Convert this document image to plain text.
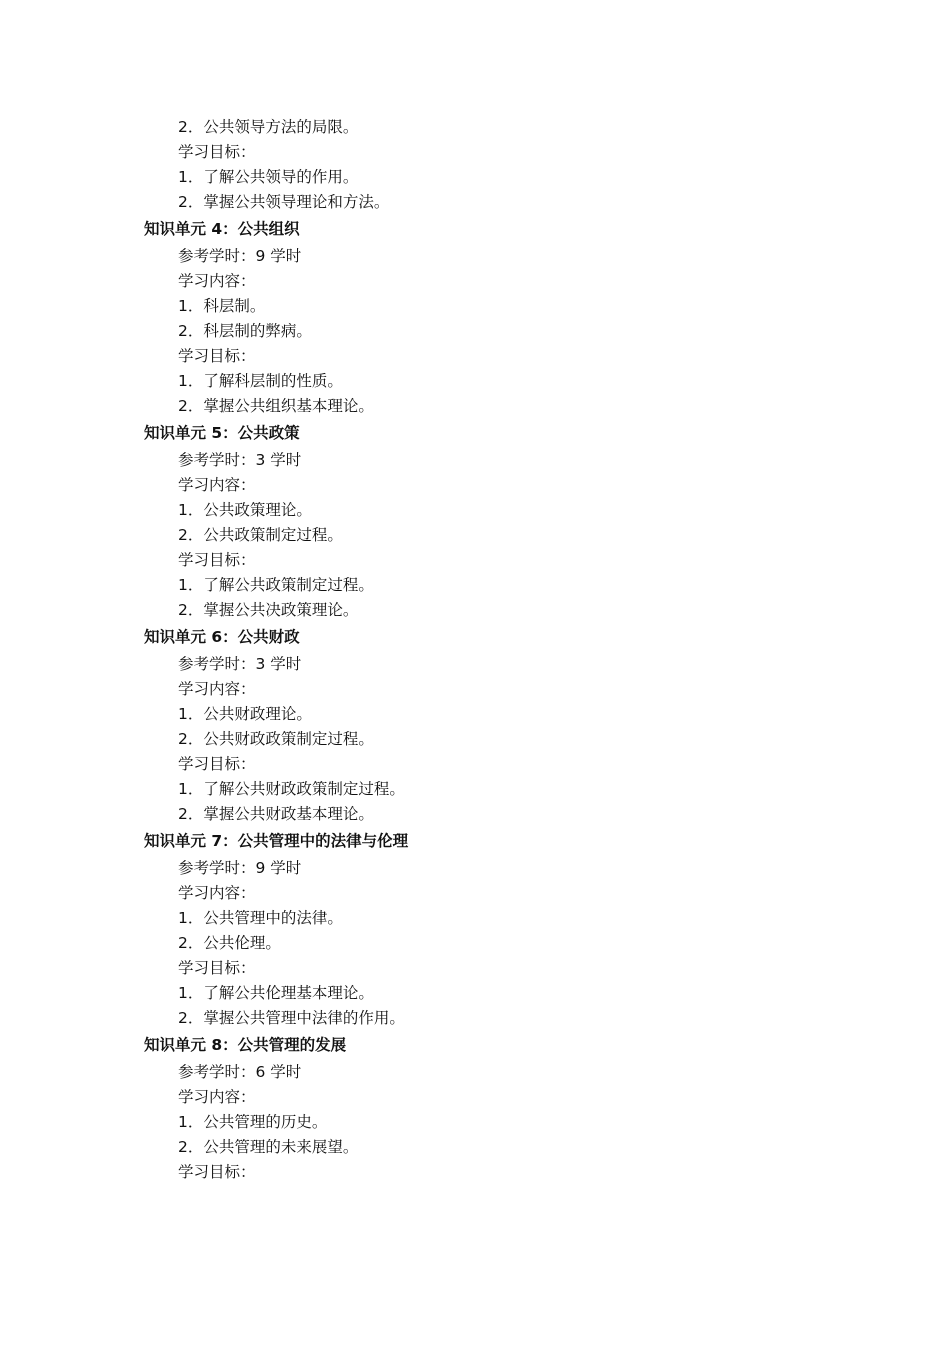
2．公共领导方法的局限。
学习目标：
1．了解公共领导的作用。
2．掌握公共领导理论和方法。
知识单元 4：公共组织
参考学时：9 学时
学习内容：
1．科层制。
2．科层制的弊病。
学习目标：
1．了解科层制的性质。
2．掌握公共组织基本理论。
知识单元 5：公共政策
参考学时：3 学时
学习内容：
1．公共政策理论。
2．公共政策制定过程。
学习目标：
1．了解公共政策制定过程。
2．掌握公共决政策理论。
知识单元 6：公共财政
参考学时：3 学时
学习内容：
1．公共财政理论。
2．公共财政政策制定过程。
学习目标：
1．了解公共财政政策制定过程。
2．掌握公共财政基本理论。
知识单元 7：公共管理中的法律与伦理
参考学时：9 学时
学习内容：
1．公共管理中的法律。
2．公共伦理。
学习目标：
1．了解公共伦理基本理论。
2．掌握公共管理中法律的作用。
知识单元 8：公共管理的发展
参考学时：6 学时
学习内容：
1．公共管理的历史。
2．公共管理的未来展望。
学习目标：
